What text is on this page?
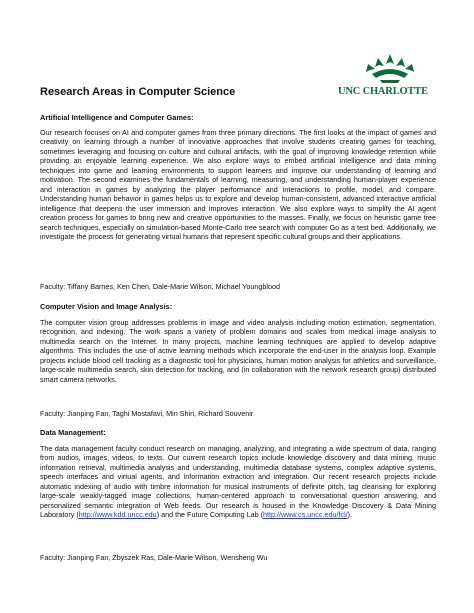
UNC CHARLOTTE
Research Areas in Computer Science
Artificial Intelligence and Computer Games:

Our research focuses on AI and computer games from three primary directions. The first looks at the impact of games and creativity on learning through a number of innovative approaches that involve students creating games for teaching, sometimes leveraging and focusing on culture and cultural artifacts, with the goal of improving knowledge retention while providing an enjoyable learning experience. We also explore ways to embed artificial intelligence and data mining techniques into game and learning environments to support learners and improve our understanding of learning and motivation. The second examines the fundamentals of learning, measuring, and understanding human-player experience and interaction in games by analyzing the player performance and interactions to profile, model, and compare. Understanding human behavior in games helps us to explore and develop human-consistent, advanced interactive artificial intelligence that deepens the user immersion and improves interaction. We also explore ways to simplify the AI agent creation process for games to bring new and creative opportunities to the masses. Finally, we focus on heuristic game tree search techniques, especially on simulation-based Monte-Carlo tree search with computer Go as a test bed. Additionally, we investigate the process for generating virtual humans that represent specific cultural groups and their applications.

Faculty: Tiffany Barnes, Ken Chen, Dale-Marie Wilson, Michael Youngblood

Computer Vision and Image Analysis:

The computer vision group addresses problems in image and video analysis including motion estimation, segmentation, recognition, and indexing. The work spans a variety of problem domains and scales from medical image analysis to multimedia search on the Internet. In many projects, machine learning techniques are applied to develop adaptive algorithms. This includes the use of active learning methods which incorporate the end-user in the analysis loop. Example projects include blood cell tracking as a diagnostic tool for physicians, human motion analysis for athletics and surveillance, large-scale multimedia search, skin detection for tracking, and (in collaboration with the network research group) distributed smart camera networks.

Faculty: Jianping Fan, Taghi Mostafavi, Min Shin, Richard Souvenir

Data Management:

The data management faculty conduct research on managing, analyzing, and integrating a wide spectrum of data, ranging from audios, images, videos, to texts. Our current research topics include knowledge discovery and data mining, music information retrieval, multimedia analysis and understanding, multimedia database systems, complex adaptive systems, speech interfaces and virtual agents, and information extraction and integration. Our recent research projects include automatic indexing of audio with timbre information for musical instruments of definite pitch, tag cleansing for exploring large-scale weakly-tagged image collections, human-centered approach to conversational question answering, and personalized semantic integration of Web feeds. Our research is housed in the Knowledge Discovery & Data Mining Laboratory (http://www.kdd.uncc.edu) and the Future Computing Lab (http://www.cs.uncc.edu/fcl/).

Faculty: Jianping Fan, Zbyszek Ras, Dale-Marie Wilson, Wensheng Wu
